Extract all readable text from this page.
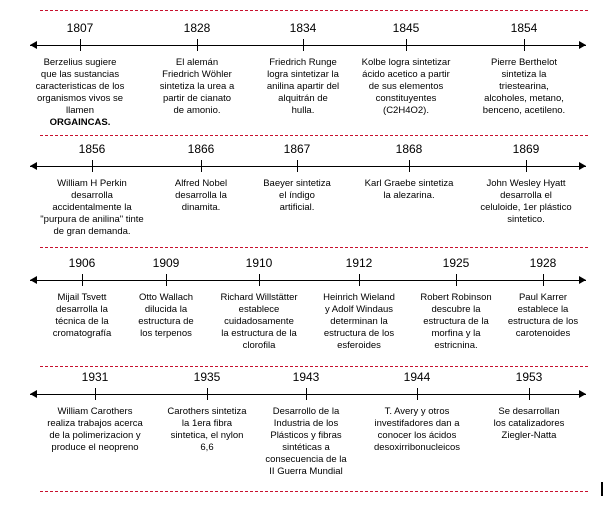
1807
Berzelius sugiere
que las sustancias
caracteristicas de los
organismos vivos se
llamen
ORGAINCAS.
1828
El alemán
Friedrich Wöhler
sintetiza la urea a
partir de cianato
de amonio.
1834
Friedrich Runge
logra sintetizar la
anilina apartir del
alquitrán de
hulla.
1845
Kolbe logra sintetizar
ácido acetico a partir
de sus elementos
constituyentes
(C2H4O2).
1854
Pierre Berthelot
sintetiza la
triestearina,
alcoholes, metano,
benceno, acetileno.
1856
William H Perkin
desarrolla
accidentalmente la
"purpura de anilina" tinte
de gran demanda.
1866
Alfred Nobel
desarrolla la
dinamita.
1867
Baeyer sintetiza
el índigo
artificial.
1868
Karl Graebe sintetiza
la alezarina.
1869
John Wesley Hyatt
desarrolla el
celuloide, 1er plástico
sintetico.
1906
Mijail Tsvett
desarrolla la
técnica de la
cromatografía
1909
Otto Wallach
dilucida la
estructura de
los terpenos
1910
Richard Willstätter
establece
cuidadosamente
la estructura de la
clorofila
1912
Heinrich Wieland
y Adolf Windaus
determinan la
estructura de los
esferoides
1925
Robert Robinson
descubre la
estructura de la
morfina y la
estricnina.
1928
Paul Karrer
establece la
estructura de los
carotenoides
1931
William Carothers
realiza trabajos acerca
de la polimerizacion y
produce el neopreno
1935
Carothers sintetiza
la 1era fibra
sintetica, el nylon
6,6
1943
Desarrollo de la
Industria de los
Plásticos y fibras
sintéticas a
consecuencia de la
II Guerra Mundial
1944
T. Avery y otros
investifadores dan a
conocer los ácidos
desoxirribonucleicos
1953
Se desarrollan
los catalizadores
Ziegler-Natta
